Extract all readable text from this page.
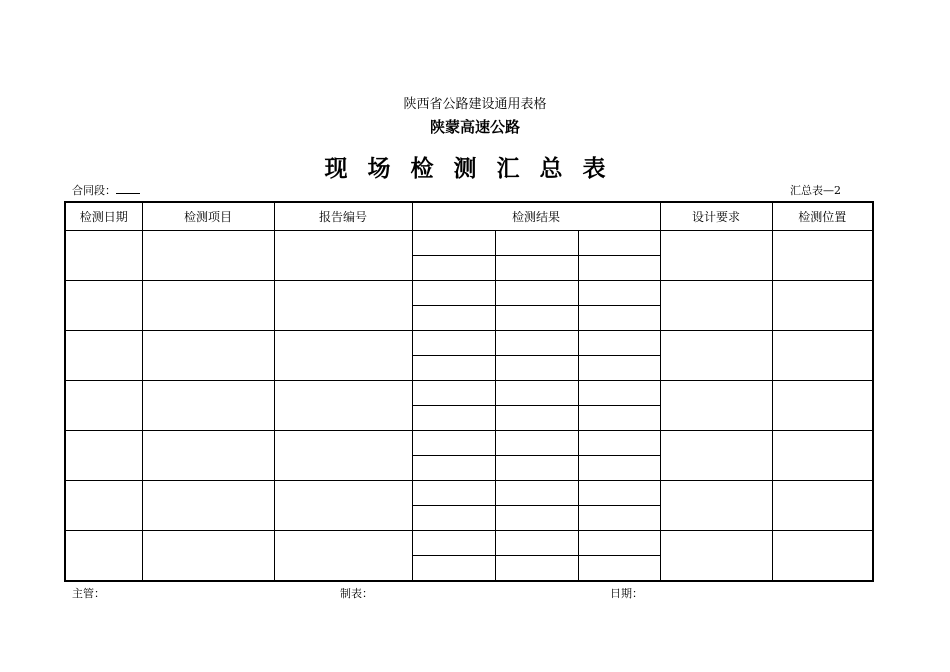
陕西省公路建设通用表格
陕蒙高速公路
现场检测汇总表
合同段：	汇总表—2
检测日期	检测项目	报告编号	检测结果			设计要求	检测位置

主管：	制表：	日期：
